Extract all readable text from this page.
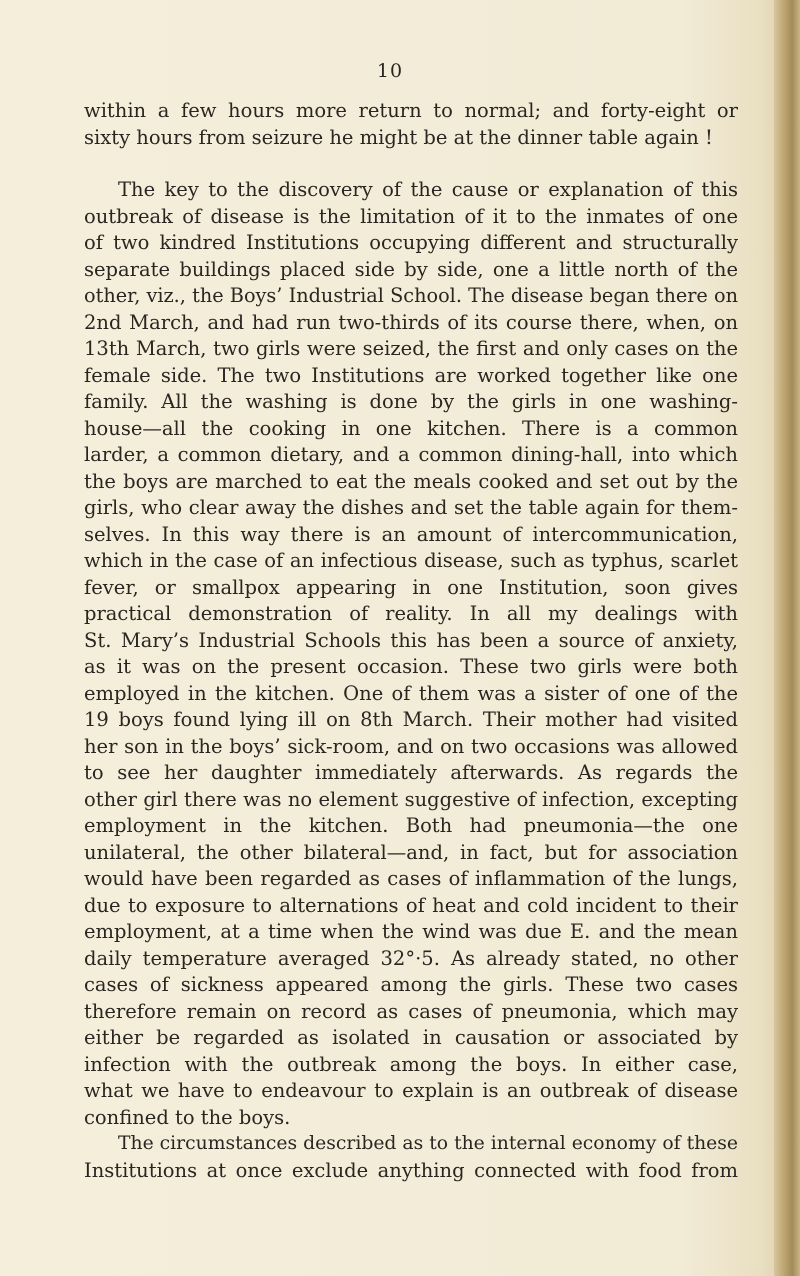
10
within a few hours more return to normal; and forty-eight or
sixty hours from seizure he might be at the dinner table again !
The key to the discovery of the cause or explanation of this
outbreak of disease is the limitation of it to the inmates of one
of two kindred Institutions occupying different and structurally
separate buildings placed side by side, one a little north of the
other, viz., the Boys’ Industrial School. The disease began there on
2nd March, and had run two-thirds of its course there, when, on
13th March, two girls were seized, the first and only cases on the
female side. The two Institutions are worked together like one
family. All the washing is done by the girls in one washing-
house—all the cooking in one kitchen. There is a common
larder, a common dietary, and a common dining-hall, into which
the boys are marched to eat the meals cooked and set out by the
girls, who clear away the dishes and set the table again for them-
selves. In this way there is an amount of intercommunication,
which in the case of an infectious disease, such as typhus, scarlet
fever, or smallpox appearing in one Institution, soon gives
practical demonstration of reality. In all my dealings with
St. Mary’s Industrial Schools this has been a source of anxiety,
as it was on the present occasion. These two girls were both
employed in the kitchen. One of them was a sister of one of the
19 boys found lying ill on 8th March. Their mother had visited
her son in the boys’ sick-room, and on two occasions was allowed
to see her daughter immediately afterwards. As regards the
other girl there was no element suggestive of infection, excepting
employment in the kitchen. Both had pneumonia—the one
unilateral, the other bilateral—and, in fact, but for association
would have been regarded as cases of inflammation of the lungs,
due to exposure to alternations of heat and cold incident to their
employment, at a time when the wind was due E. and the mean
daily temperature averaged 32°·5. As already stated, no other
cases of sickness appeared among the girls. These two cases
therefore remain on record as cases of pneumonia, which may
either be regarded as isolated in causation or associated by
infection with the outbreak among the boys. In either case,
what we have to endeavour to explain is an outbreak of disease
confined to the boys.
The circumstances described as to the internal economy of these
Institutions at once exclude anything connected with food from
